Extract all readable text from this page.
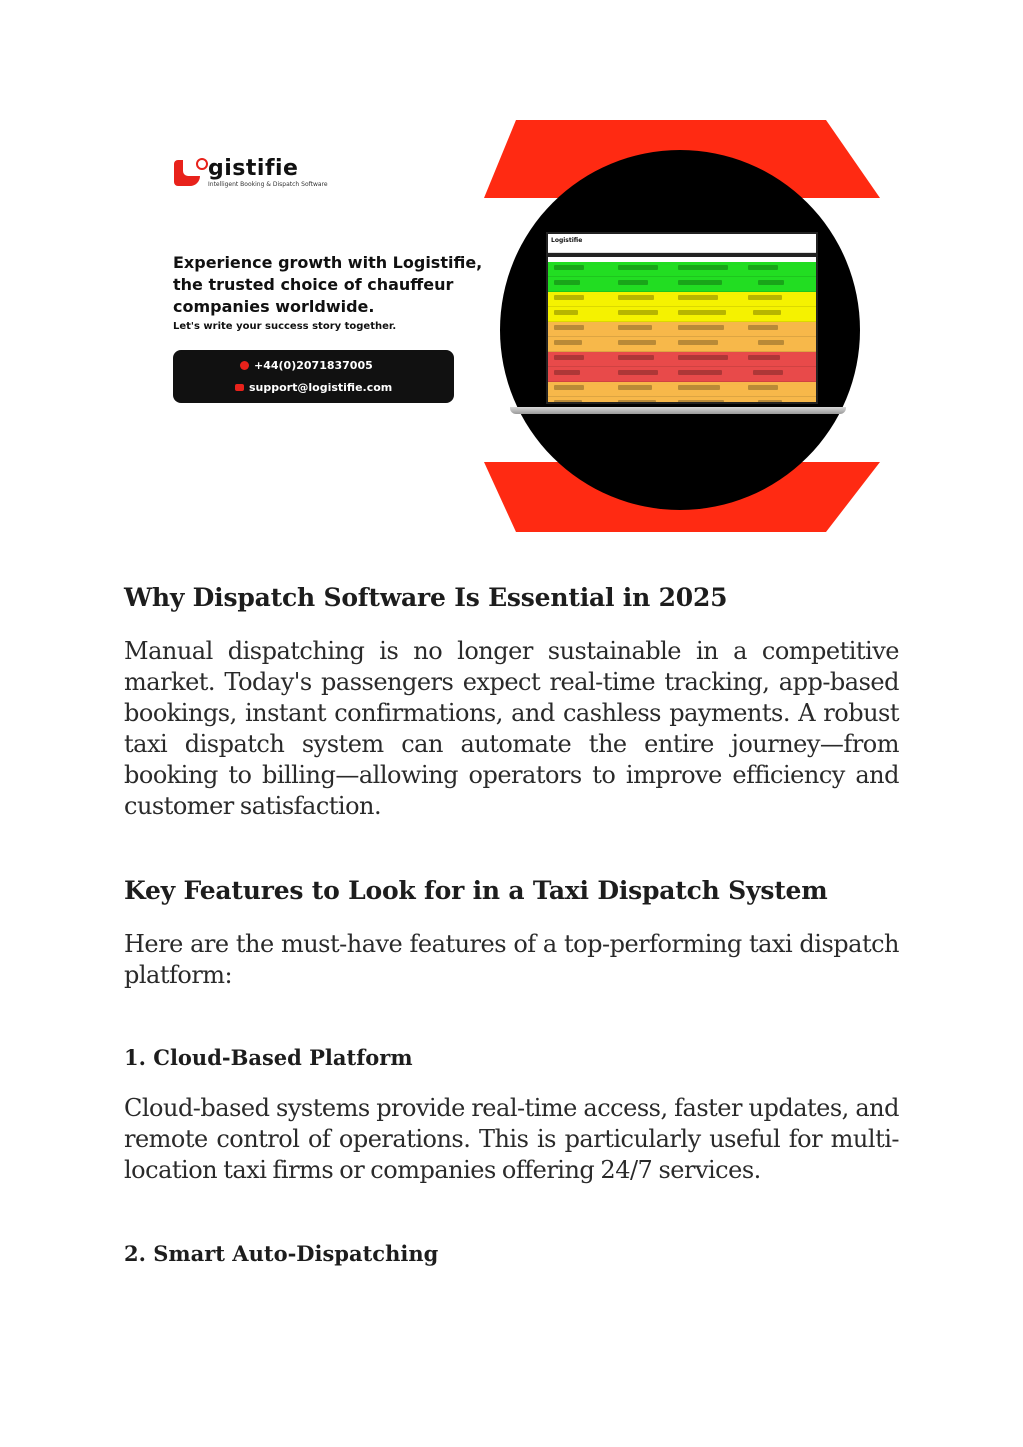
gistifie
Intelligent Booking & Dispatch Software
Experience growth with Logistifie,
the trusted choice of chauffeur
companies worldwide.
Let's write your success story together.
+44(0)2071837005
support@logistifie.com
Logistifie
Why Dispatch Software Is Essential in 2025

Manual dispatching is no longer sustainable in a competitive market. Today's passengers expect real-time tracking, app-based bookings, instant confirmations, and cashless payments. A robust taxi dispatch system can automate the entire journey—from booking to billing—allowing operators to improve efficiency and customer satisfaction.

Key Features to Look for in a Taxi Dispatch System

Here are the must-have features of a top-performing taxi dispatch platform:

1. Cloud-Based Platform

Cloud-based systems provide real-time access, faster updates, and remote control of operations. This is particularly useful for multi-location taxi firms or companies offering 24/7 services.

2. Smart Auto-Dispatching
